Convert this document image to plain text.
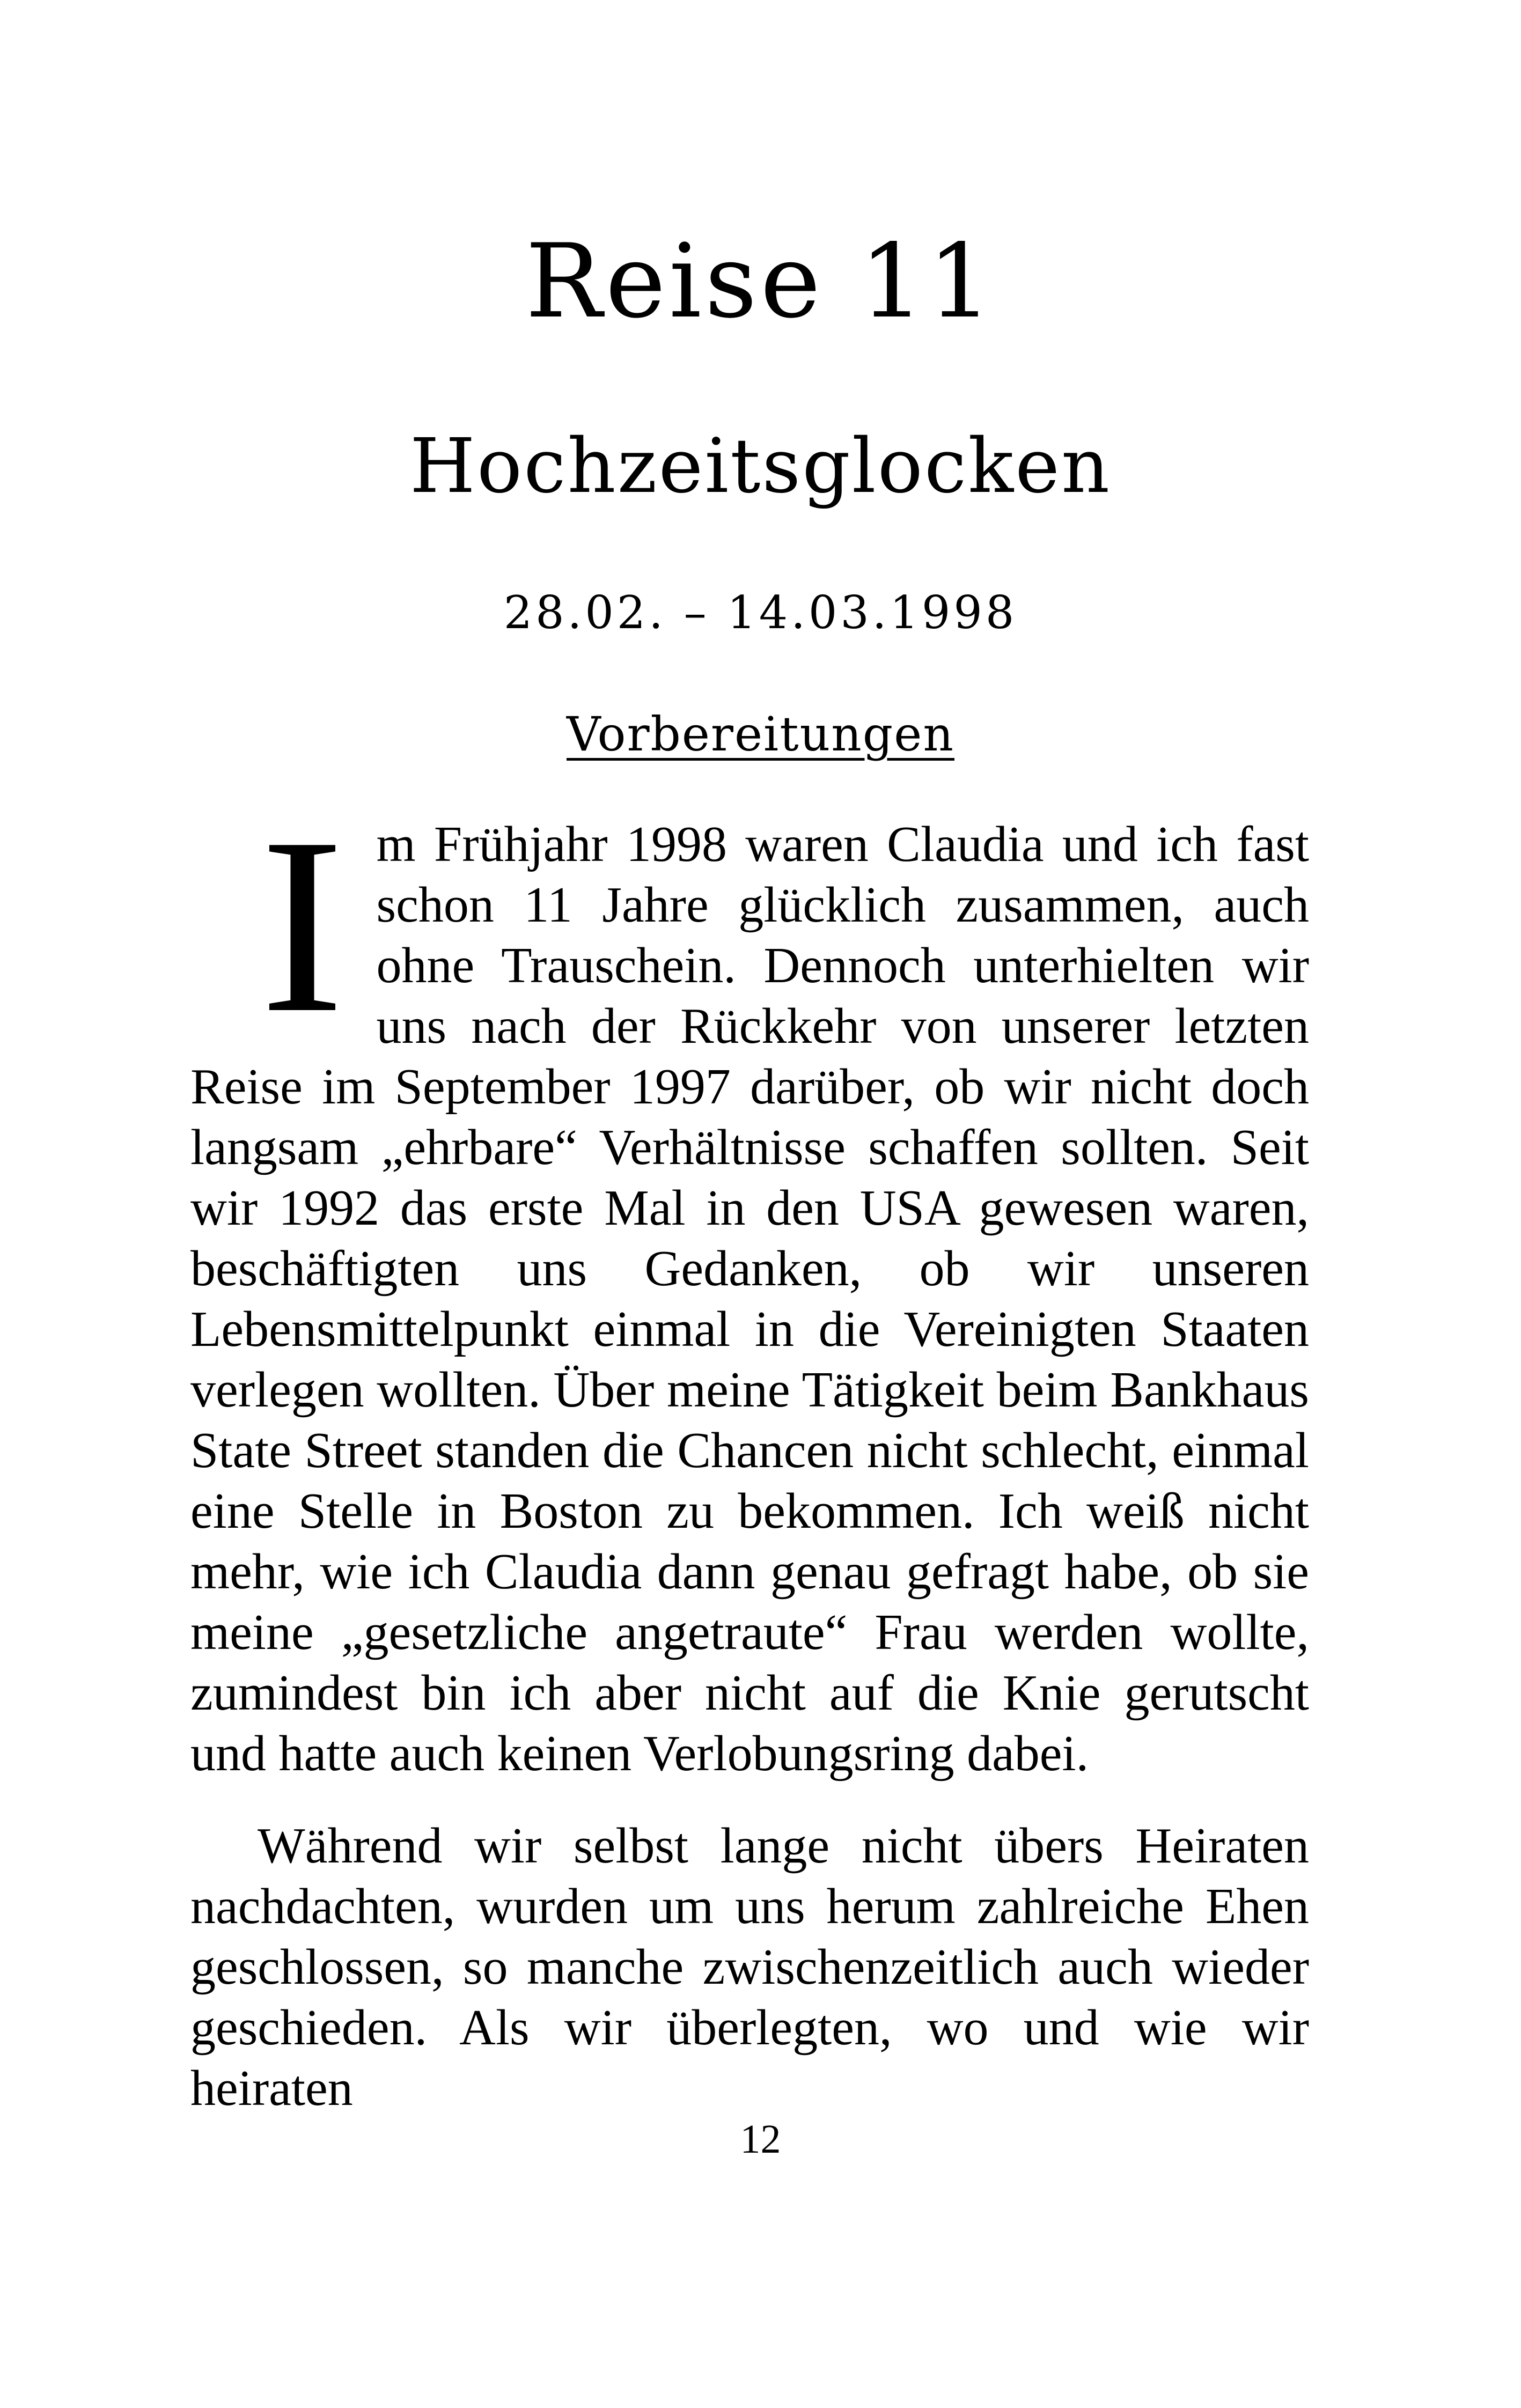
Reise 11
Hochzeitsglocken
28.02. – 14.03.1998
Vorbereitungen
I m Frühjahr 1998 waren Claudia und ich fast schon 11 Jahre glücklich zusammen, auch ohne Trauschein. Dennoch unterhielten wir uns nach der Rückkehr von unserer letzten Reise im September 1997 darüber, ob wir nicht doch langsam „ehrbare“ Verhältnisse schaffen sollten. Seit wir 1992 das erste Mal in den USA gewesen waren, beschäftigten uns Gedanken, ob wir unseren Lebensmittelpunkt einmal in die Vereinigten Staaten verlegen wollten. Über meine Tätigkeit beim Bankhaus State Street standen die Chancen nicht schlecht, einmal eine Stelle in Boston zu bekommen. Ich weiß nicht mehr, wie ich Claudia dann genau gefragt habe, ob sie meine „gesetzliche angetraute“ Frau werden wollte, zumindest bin ich aber nicht auf die Knie gerutscht und hatte auch keinen Verlobungsring dabei.
Während wir selbst lange nicht übers Heiraten nachdachten, wurden um uns herum zahlreiche Ehen geschlossen, so manche zwischenzeitlich auch wieder geschieden. Als wir überlegten, wo und wie wir heiraten
12
